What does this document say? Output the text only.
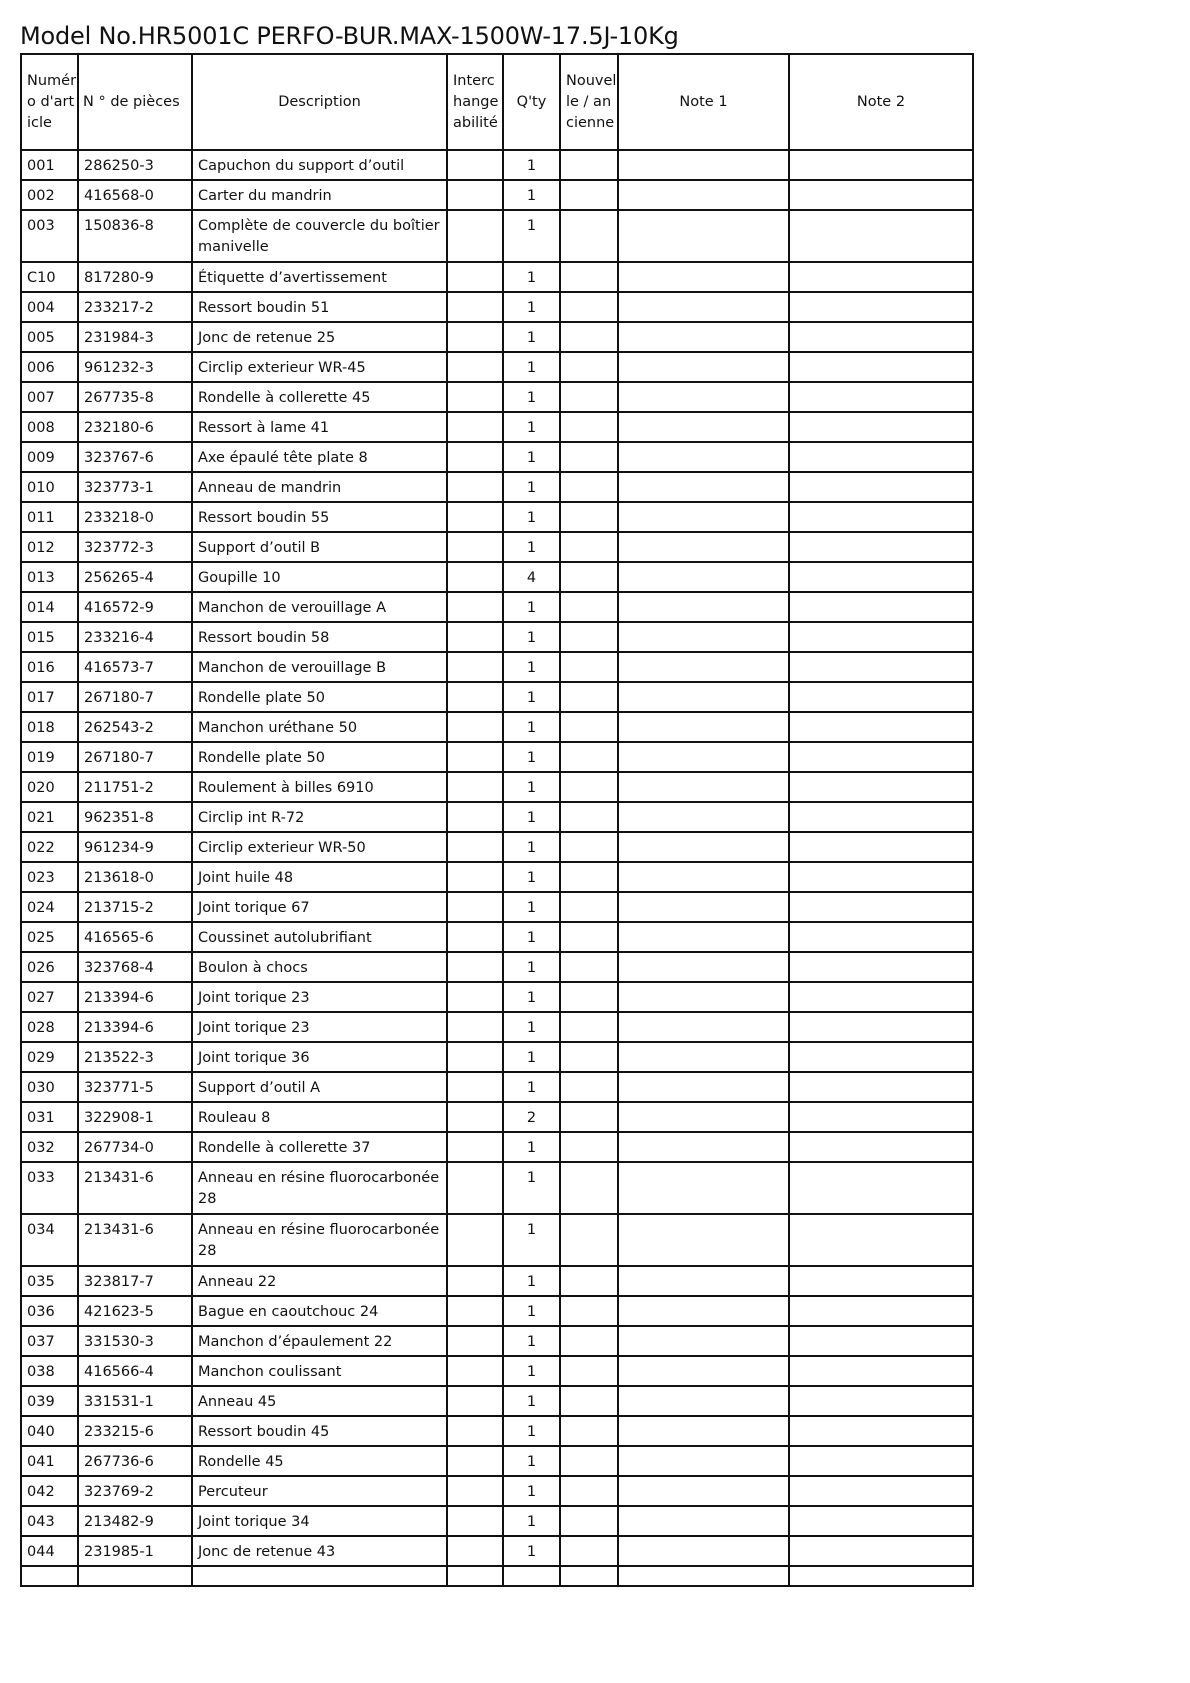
Model No.HR5001C PERFO-BUR.MAX-1500W-17.5J-10Kg
Numéro d'article	N ° de pièces	Description	Interchangeabilité	Q'ty	Nouvelle / ancienne	Note 1	Note 2
001	286250-3	Capuchon du support d’outil		1			
002	416568-0	Carter du mandrin		1			
003	150836-8	Complète de couvercle du boîtier manivelle		1			
C10	817280-9	Étiquette d’avertissement		1			
004	233217-2	Ressort boudin 51		1			
005	231984-3	Jonc de retenue 25		1			
006	961232-3	Circlip exterieur WR-45		1			
007	267735-8	Rondelle à collerette 45		1			
008	232180-6	Ressort à lame 41		1			
009	323767-6	Axe épaulé tête plate 8		1			
010	323773-1	Anneau de mandrin		1			
011	233218-0	Ressort boudin 55		1			
012	323772-3	Support d’outil B		1			
013	256265-4	Goupille 10		4			
014	416572-9	Manchon de verouillage A		1			
015	233216-4	Ressort boudin 58		1			
016	416573-7	Manchon de verouillage B		1			
017	267180-7	Rondelle plate 50		1			
018	262543-2	Manchon uréthane 50		1			
019	267180-7	Rondelle plate 50		1			
020	211751-2	Roulement à billes 6910		1			
021	962351-8	Circlip int R-72		1			
022	961234-9	Circlip exterieur WR-50		1			
023	213618-0	Joint huile 48		1			
024	213715-2	Joint torique 67		1			
025	416565-6	Coussinet autolubrifiant		1			
026	323768-4	Boulon à chocs		1			
027	213394-6	Joint torique 23		1			
028	213394-6	Joint torique 23		1			
029	213522-3	Joint torique 36		1			
030	323771-5	Support d’outil A		1			
031	322908-1	Rouleau 8		2			
032	267734-0	Rondelle à collerette 37		1			
033	213431-6	Anneau en résine fluorocarbonée 28		1			
034	213431-6	Anneau en résine fluorocarbonée 28		1			
035	323817-7	Anneau 22		1			
036	421623-5	Bague en caoutchouc 24		1			
037	331530-3	Manchon d’épaulement 22		1			
038	416566-4	Manchon coulissant		1			
039	331531-1	Anneau 45		1			
040	233215-6	Ressort boudin 45		1			
041	267736-6	Rondelle 45		1			
042	323769-2	Percuteur		1			
043	213482-9	Joint torique 34		1			
044	231985-1	Jonc de retenue 43		1			
